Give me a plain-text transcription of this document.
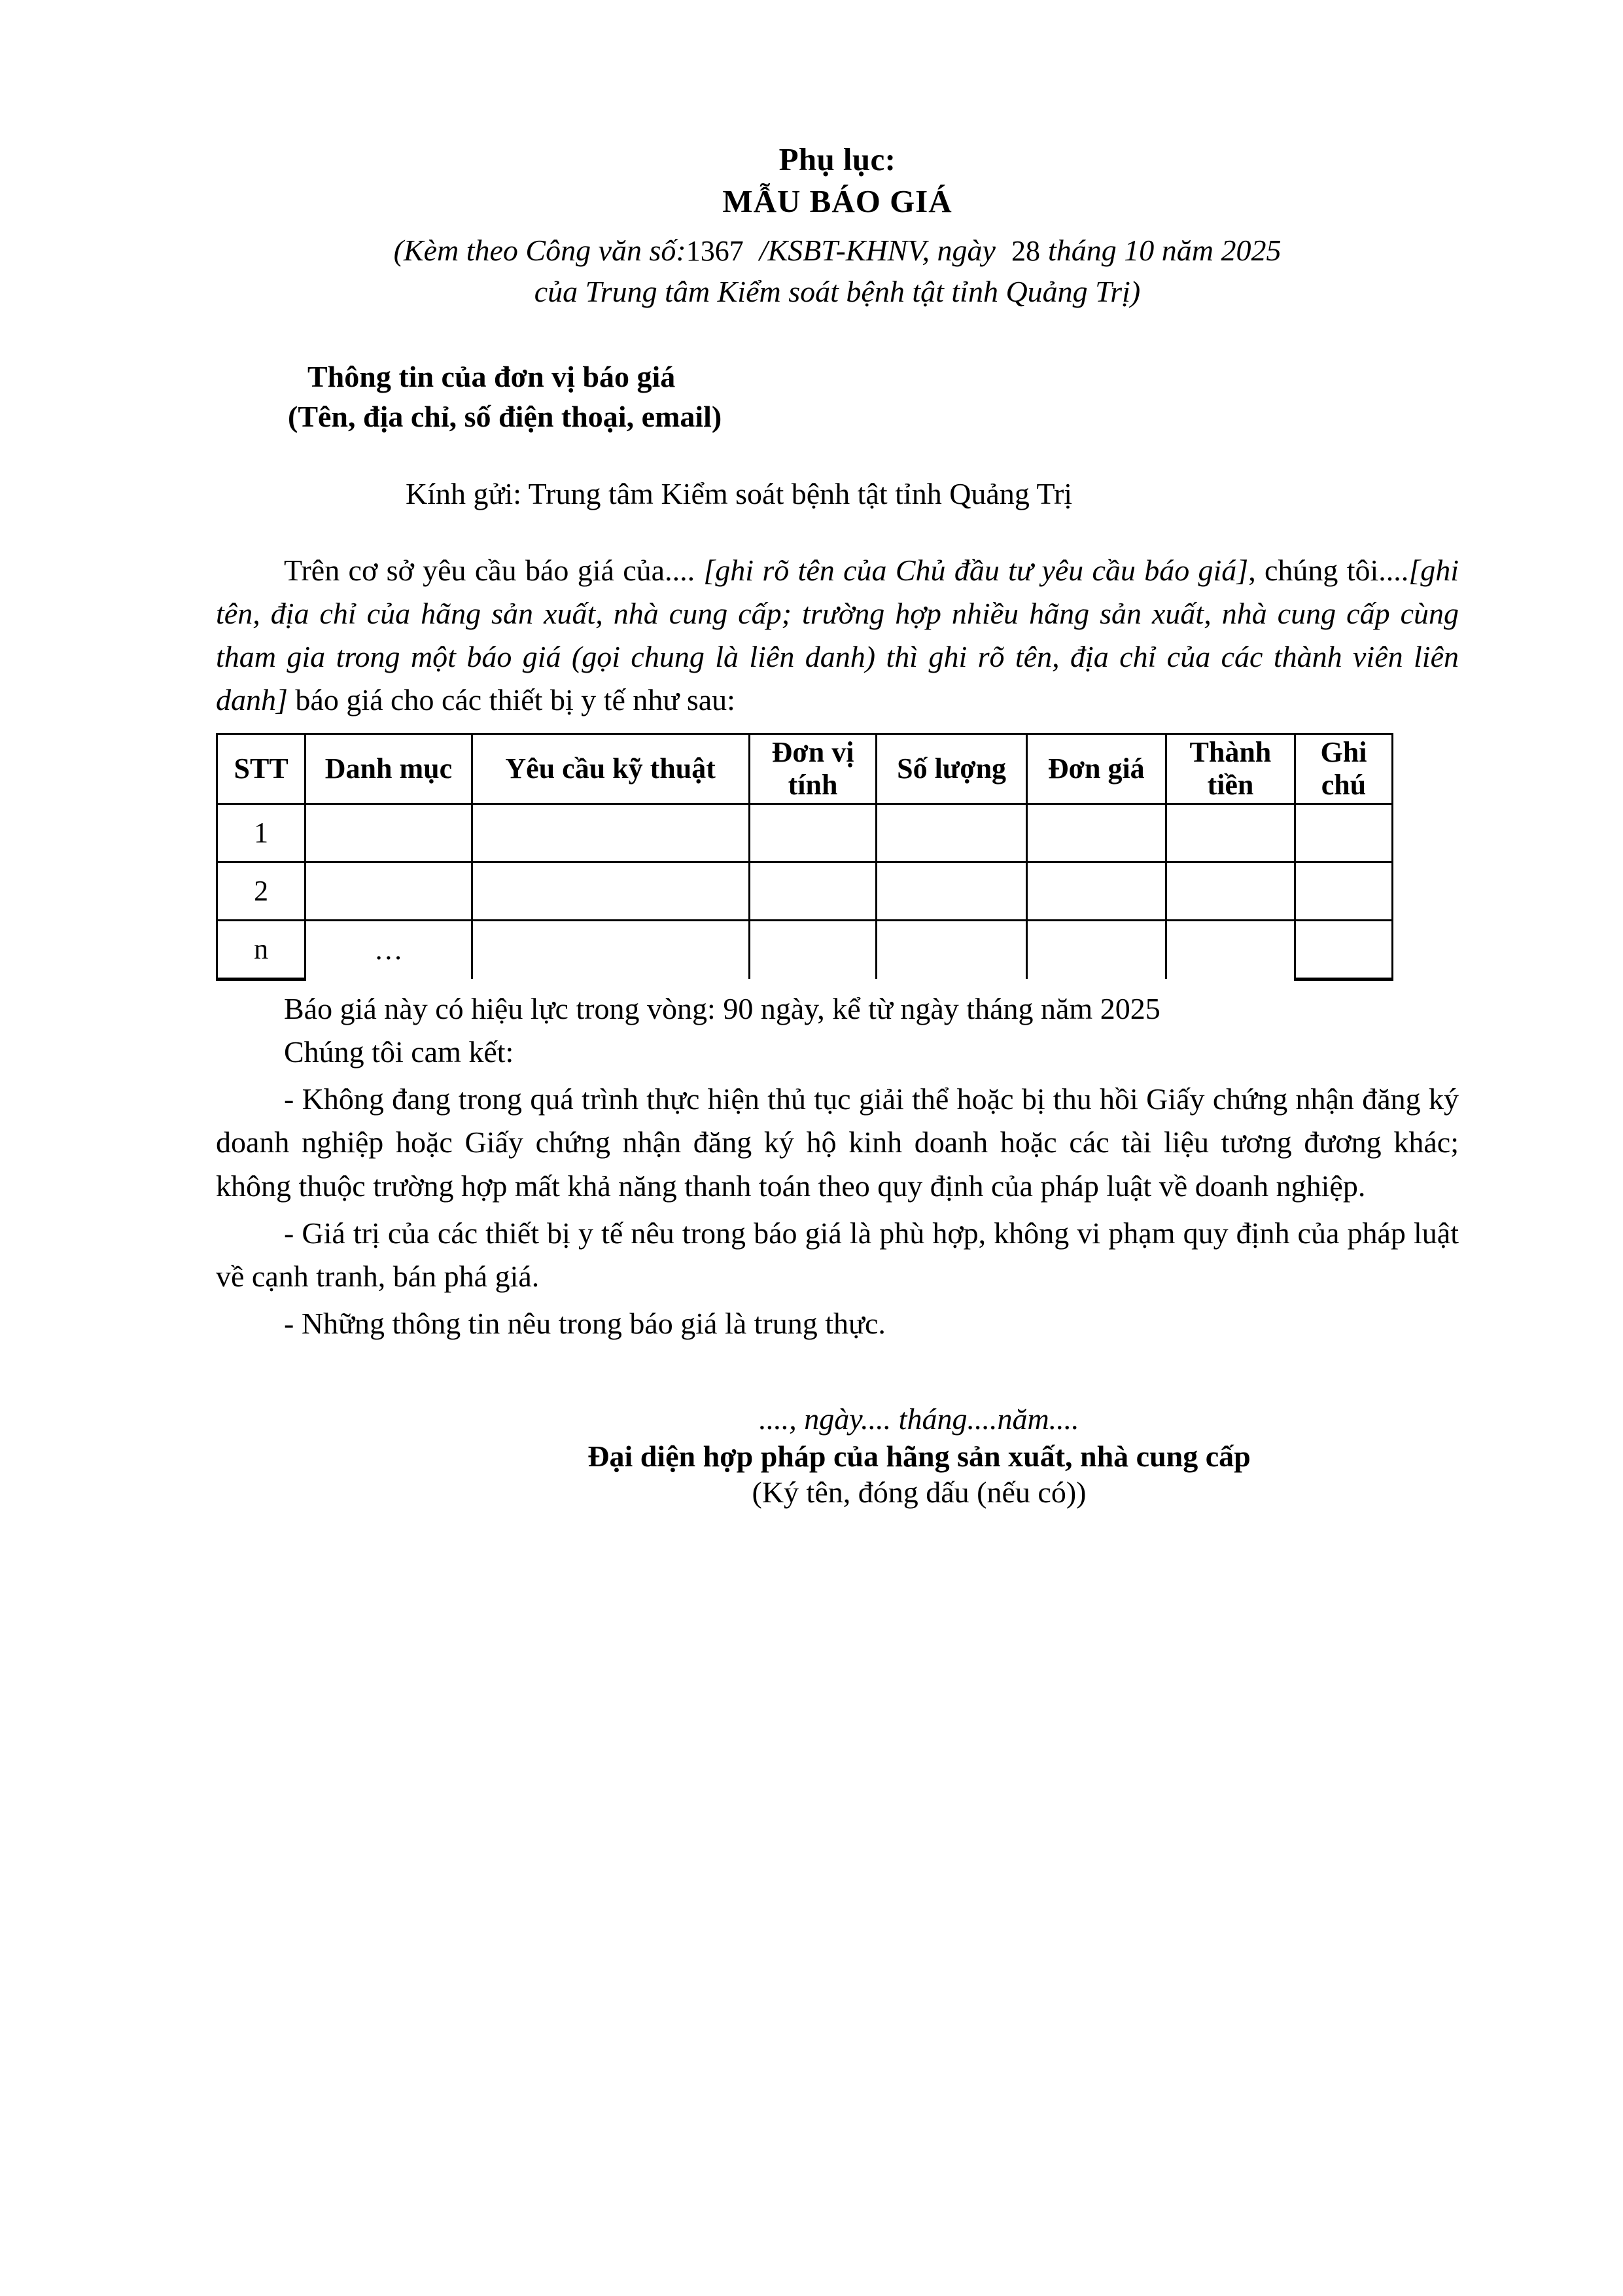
Phụ lục:
MẪU BÁO GIÁ
(Kèm theo Công văn số:1367 /KSBT-KHNV, ngày 28 tháng 10 năm 2025
của Trung tâm Kiểm soát bệnh tật tỉnh Quảng Trị)
Thông tin của đơn vị báo giá
(Tên, địa chỉ, số điện thoại, email)
Kính gửi: Trung tâm Kiểm soát bệnh tật tỉnh Quảng Trị
Trên cơ sở yêu cầu báo giá của.... [ghi rõ tên của Chủ đầu tư yêu cầu báo giá], chúng tôi....[ghi tên, địa chỉ của hãng sản xuất, nhà cung cấp; trường hợp nhiều hãng sản xuất, nhà cung cấp cùng tham gia trong một báo giá (gọi chung là liên danh) thì ghi rõ tên, địa chỉ của các thành viên liên danh] báo giá cho các thiết bị y tế như sau:
STT	Danh mục	Yêu cầu kỹ thuật	Đơn vị tính	Số lượng	Đơn giá	Thành tiền	Ghi chú
1							
2							
n	…						
Báo giá này có hiệu lực trong vòng: 90 ngày, kể từ ngày tháng năm 2025
Chúng tôi cam kết:
- Không đang trong quá trình thực hiện thủ tục giải thể hoặc bị thu hồi Giấy chứng nhận đăng ký doanh nghiệp hoặc Giấy chứng nhận đăng ký hộ kinh doanh hoặc các tài liệu tương đương khác; không thuộc trường hợp mất khả năng thanh toán theo quy định của pháp luật về doanh nghiệp.
- Giá trị của các thiết bị y tế nêu trong báo giá là phù hợp, không vi phạm quy định của pháp luật về cạnh tranh, bán phá giá.
- Những thông tin nêu trong báo giá là trung thực.
...., ngày.... tháng....năm....
Đại diện hợp pháp của hãng sản xuất, nhà cung cấp
(Ký tên, đóng dấu (nếu có))
